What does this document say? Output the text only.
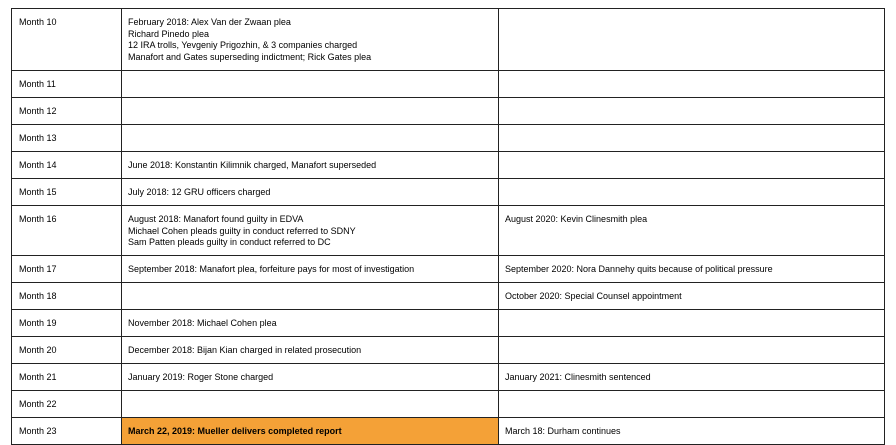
Month 10	February 2018: Alex Van der Zwaan plea
Richard Pinedo plea
12 IRA trolls, Yevgeniy Prigozhin, & 3 companies charged
Manafort and Gates superseding indictment; Rick Gates plea	

Month 11		

Month 12		

Month 13		

Month 14	June 2018: Konstantin Kilimnik charged, Manafort superseded	

Month 15	July 2018: 12 GRU officers charged	

Month 16	August 2018: Manafort found guilty in EDVA
Michael Cohen pleads guilty in conduct referred to SDNY
Sam Patten pleads guilty in conduct referred to DC	August 2020: Kevin Clinesmith plea

Month 17	September 2018: Manafort plea, forfeiture pays for most of investigation	September 2020: Nora Dannehy quits because of political pressure

Month 18		October 2020: Special Counsel appointment

Month 19	November 2018: Michael Cohen plea	

Month 20	December 2018: Bijan Kian charged in related prosecution	

Month 21	January 2019: Roger Stone charged	January 2021: Clinesmith sentenced

Month 22		

Month 23	March 22, 2019: Mueller delivers completed report	March 18: Durham continues
